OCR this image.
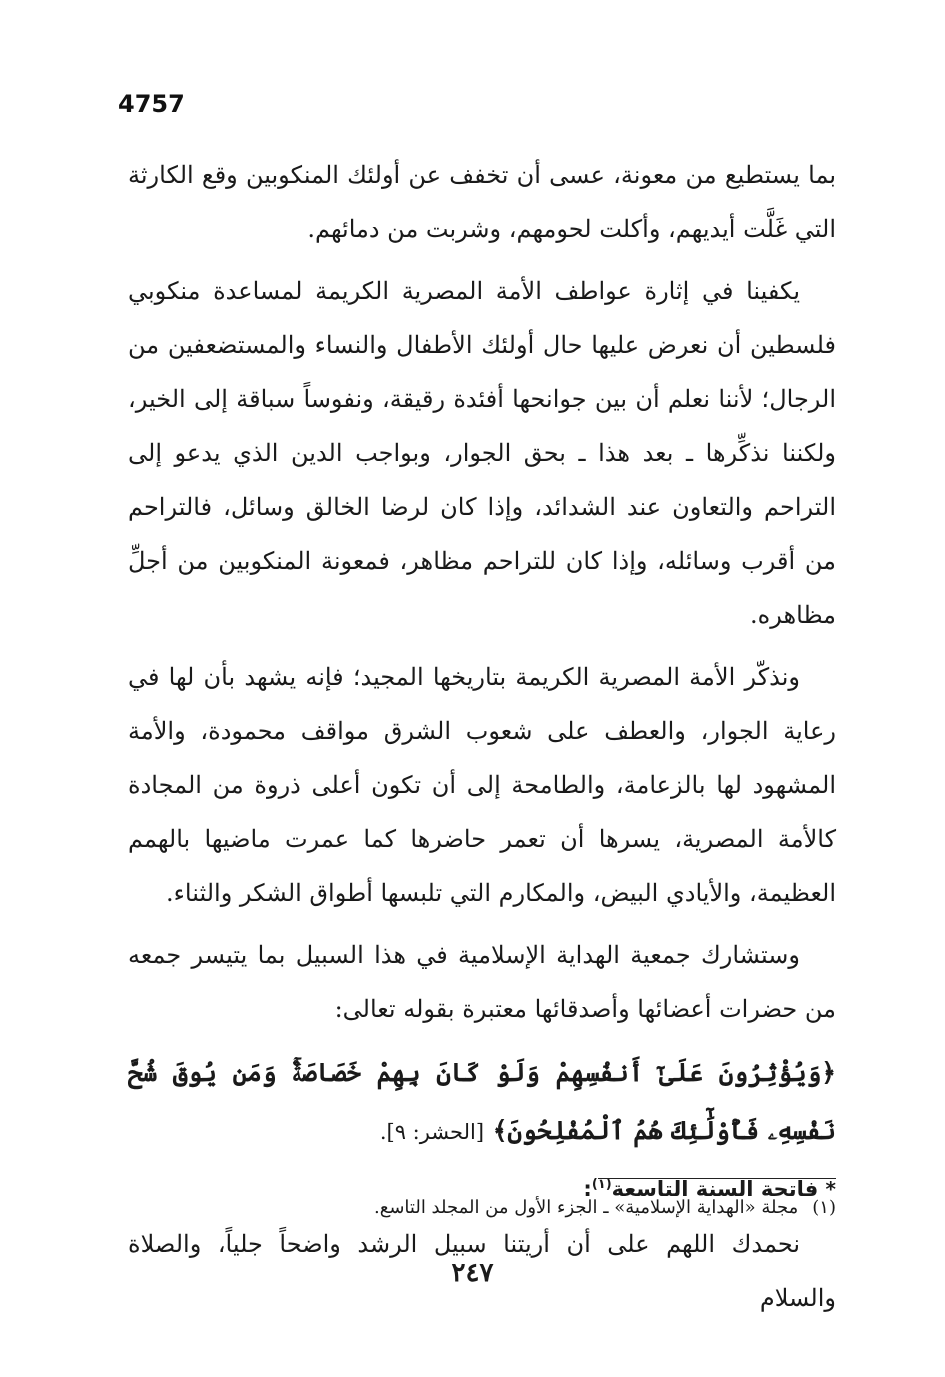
4757

بما يستطيع من معونة، عسى أن تخفف عن أولئك المنكوبين وقع الكارثة التي غَلَّت أيديهم، وأكلت لحومهم، وشربت من دمائهم.

يكفينا في إثارة عواطف الأمة المصرية الكريمة لمساعدة منكوبي فلسطين أن نعرض عليها حال أولئك الأطفال والنساء والمستضعفين من الرجال؛ لأننا نعلم أن بين جوانحها أفئدة رقيقة، ونفوساً سباقة إلى الخير، ولكننا نذكِّرها ـ بعد هذا ـ بحق الجوار، وبواجب الدين الذي يدعو إلى التراحم والتعاون عند الشدائد، وإذا كان لرضا الخالق وسائل، فالتراحم من أقرب وسائله، وإذا كان للتراحم مظاهر، فمعونة المنكوبين من أجلِّ مظاهره.

ونذكّر الأمة المصرية الكريمة بتاريخها المجيد؛ فإنه يشهد بأن لها في رعاية الجوار، والعطف على شعوب الشرق مواقف محمودة، والأمة المشهود لها بالزعامة، والطامحة إلى أن تكون أعلى ذروة من المجادة كالأمة المصرية، يسرها أن تعمر حاضرها كما عمرت ماضيها بالهمم العظيمة، والأيادي البيض، والمكارم التي تلبسها أطواق الشكر والثناء.

وستشارك جمعية الهداية الإسلامية في هذا السبيل بما يتيسر جمعه من حضرات أعضائها وأصدقائها معتبرة بقوله تعالى:

﴿وَيُؤْثِرُونَ عَلَىٰٓ أَنفُسِهِمْ وَلَوْ كَانَ بِهِمْ خَصَاصَةٌۚ وَمَن يُوقَ شُحَّ نَفْسِهِۦ فَأُوْلَٰٓئِكَ هُمُ ٱلْمُفْلِحُونَ﴾ [الحشر: ٩].

* فاتحة السنة التاسعة$^{(١)}$:

نحمدك اللهم على أن أريتنا سبيل الرشد واضحاً جلياً، والصلاة والسلام

(١)مجلة «الهداية الإسلامية» ـ الجزء الأول من المجلد التاسع.
٢٤٧
